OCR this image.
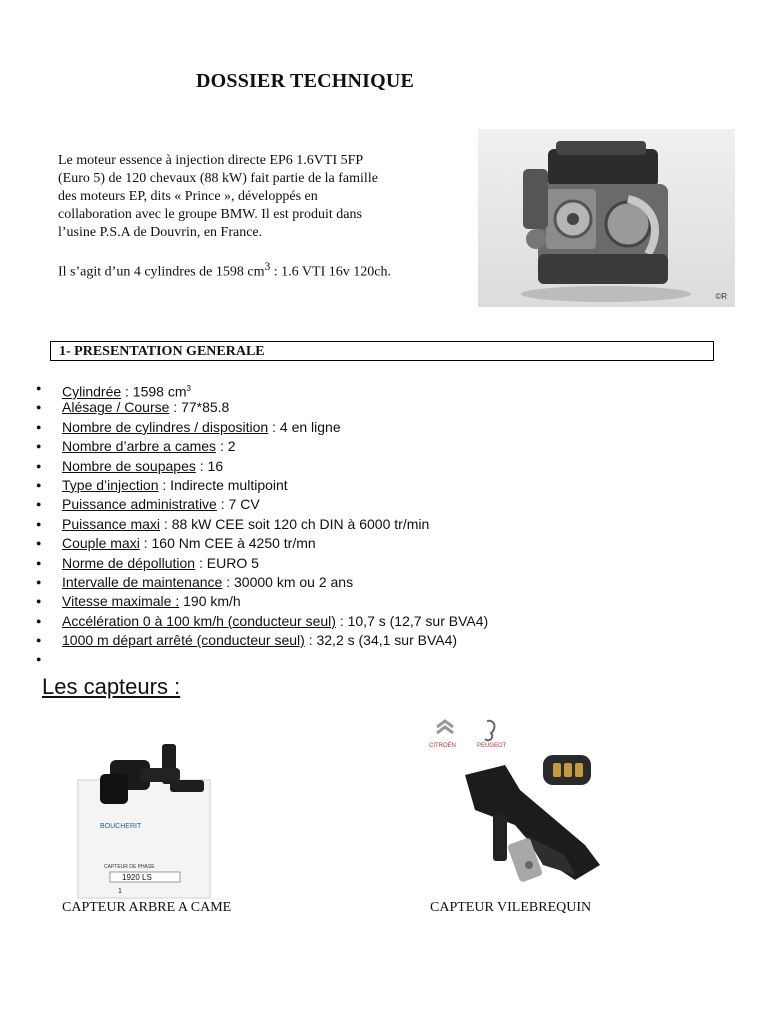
DOSSIER TECHNIQUE

Le moteur essence à injection directe EP6 1.6VTI 5FP
(Euro 5) de 120 chevaux (88 kW) fait partie de la famille
des moteurs EP, dits « Prince », développés en
collaboration avec le groupe BMW. Il est produit dans
l’usine P.S.A de Douvrin, en France.

Il s’agit d’un 4 cylindres de 1598 $cm^3$ : 1.6 VTI 16v 120ch.

©R
1- PRESENTATION GENERALE
● Cylindrée : 1598 $cm^3$
● Alésage / Course : 77*85.8
● Nombre de cylindres / disposition : 4 en ligne
● Nombre d’arbre a cames : 2
● Nombre de soupapes : 16
● Type d’injection : Indirecte multipoint
● Puissance administrative : 7 CV
● Puissance maxi : 88 kW CEE soit 120 ch DIN à 6000 tr/min
● Couple maxi : 160 Nm CEE à 4250 tr/mn
● Norme de dépollution : EURO 5
● Intervalle de maintenance : 30000 km ou 2 ans
● Vitesse maximale : 190 km/h
● Accélération 0 à 100 km/h (conducteur seul) : 10,7 s (12,7 sur BVA4)
● 1000 m départ arrêté (conducteur seul) : 32,2 s (34,1 sur BVA4)
●
Les capteurs :
BOUCHERIT
CAPTEUR DE PHASE
1920 LS
1
CAPTEUR ARBRE A CAME
CITROËN	PEUGEOT
CAPTEUR VILEBREQUIN
